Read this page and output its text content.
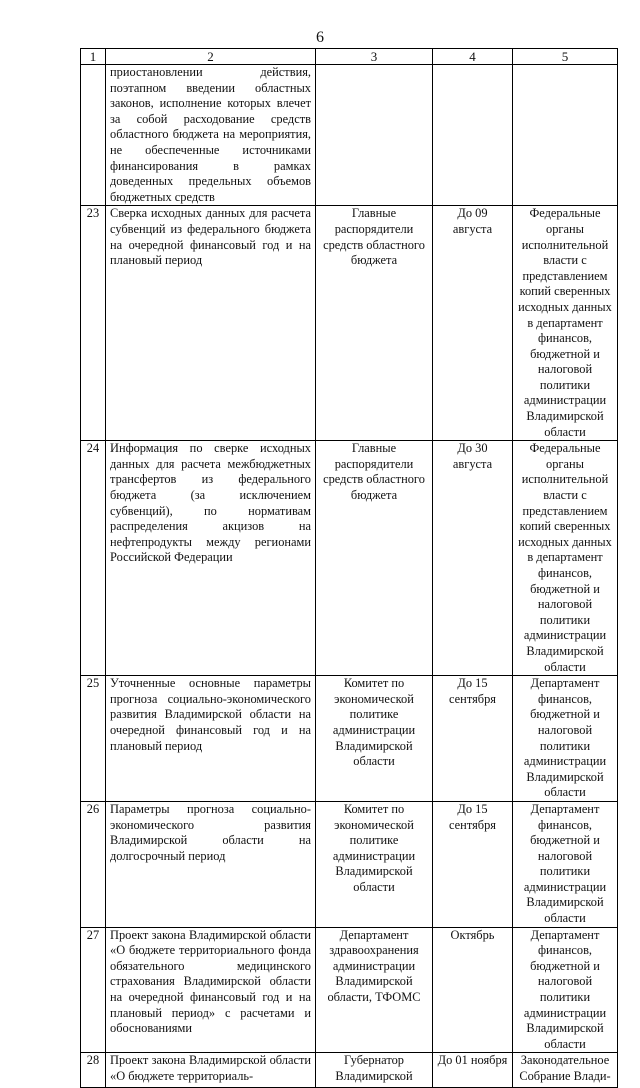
6
1	2	3	4	5
	приостановлении действия, поэтапном введении областных законов, исполнение которых влечет за собой расходование средств областного бюджета на мероприятия, не обеспеченные источниками финансирования в рамках доведенных предельных объемов бюджетных средств			
23	Сверка исходных данных для расчета субвенций из федерального бюджета на очередной финансовый год и на плановый период	Главные распорядители средств областного бюджета	До 09 августа	Федеральные органы исполнительной власти с представлением копий сверенных исходных данных в департамент финансов, бюджетной и налоговой политики администрации Владимирской области
24	Информация по сверке исходных данных для расчета межбюджетных трансфертов из федерального бюджета (за исключением субвенций), по нормативам распределения акцизов на нефтепродукты между регионами Российской Федерации	Главные распорядители средств областного бюджета	До 30 августа	Федеральные органы исполнительной власти с представлением копий сверенных исходных данных в департамент финансов, бюджетной и налоговой политики администрации Владимирской области
25	Уточненные основные параметры прогноза социально-экономического развития Владимирской области на очередной финансовый год и на плановый период	Комитет по экономической политике администрации Владимирской области	До 15 сентября	Департамент финансов, бюджетной и налоговой политики администрации Владимирской области
26	Параметры прогноза социально-экономического развития Владимирской области на долгосрочный период	Комитет по экономической политике администрации Владимирской области	До 15 сентября	Департамент финансов, бюджетной и налоговой политики администрации Владимирской области
27	Проект закона Владимирской области «О бюджете территориального фонда обязательного медицинского страхования Владимирской области на очередной финансовый год и на плановый период» с расчетами и обоснованиями	Департамент здравоохранения администрации Владимирской области, ТФОМС	Октябрь	Департамент финансов, бюджетной и налоговой политики администрации Владимирской области
28	Проект закона Владимирской области «О бюджете территориаль-	Губернатор Владимирской	До 01 ноября	Законодательное Собрание Влади-
